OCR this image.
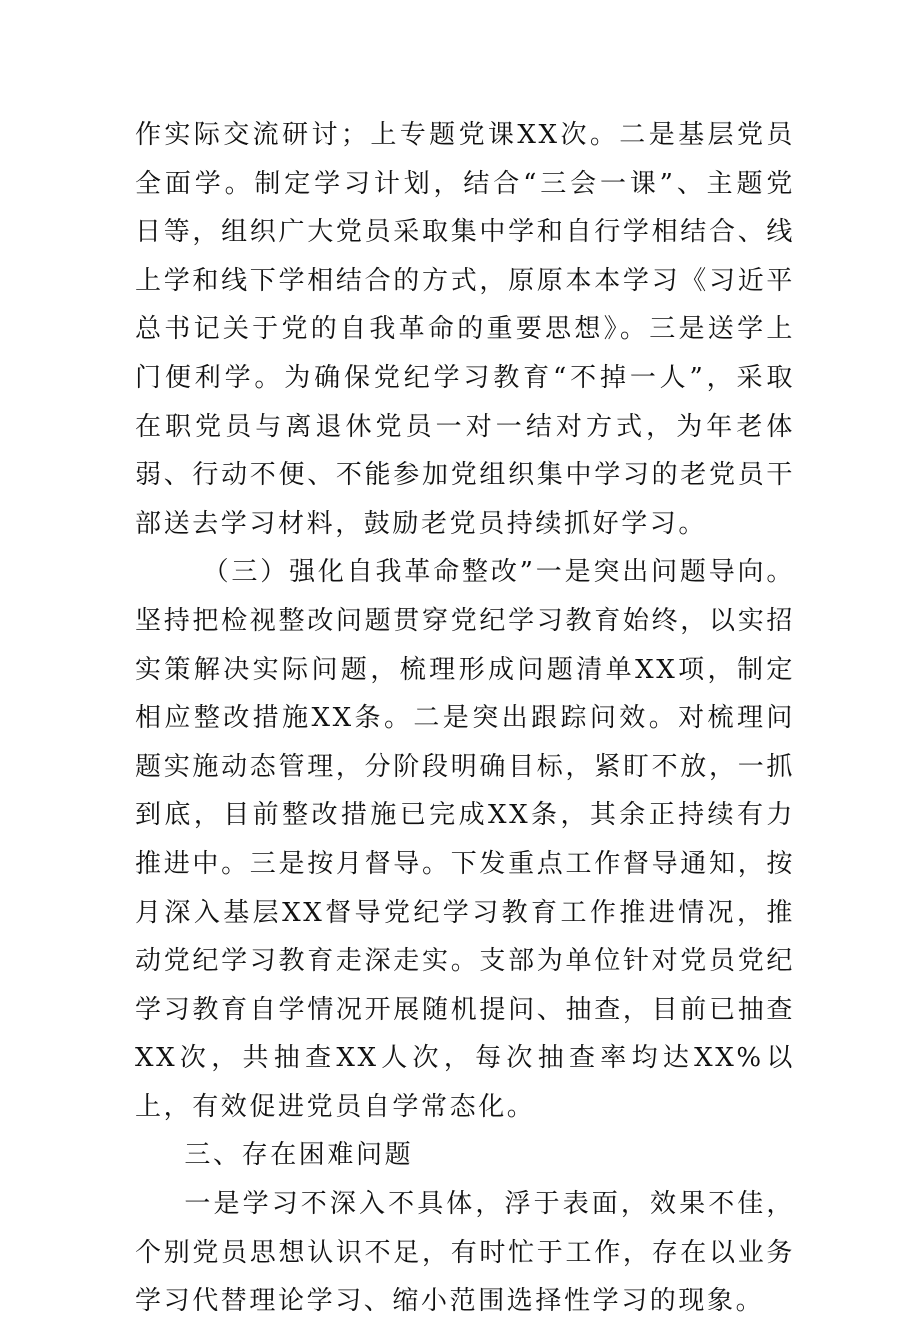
作实际交流研讨；上专题党课XX次。二是基层党员全面学。制定学习计划，结合“三会一课”、主题党日等，组织广大党员采取集中学和自行学相结合、线上学和线下学相结合的方式，原原本本学习《习近平总书记关于党的自我革命的重要思想》。三是送学上门便利学。为确保党纪学习教育“不掉一人”，采取在职党员与离退休党员一对一结对方式，为年老体弱、行动不便、不能参加党组织集中学习的老党员干部送去学习材料，鼓励老党员持续抓好学习。

（三）强化自我革命整改”一是突出问题导向。坚持把检视整改问题贯穿党纪学习教育始终，以实招实策解决实际问题，梳理形成问题清单XX项，制定相应整改措施XX条。二是突出跟踪问效。对梳理问题实施动态管理，分阶段明确目标，紧盯不放，一抓到底，目前整改措施已完成XX条，其余正持续有力推进中。三是按月督导。下发重点工作督导通知，按月深入基层XX督导党纪学习教育工作推进情况，推动党纪学习教育走深走实。支部为单位针对党员党纪学习教育自学情况开展随机提问、抽查，目前已抽查XX次，共抽查XX人次，每次抽查率均达XX%以上，有效促进党员自学常态化。

三、存在困难问题

一是学习不深入不具体，浮于表面，效果不佳，个别党员思想认识不足，有时忙于工作，存在以业务学习代替理论学习、缩小范围选择性学习的现象。
